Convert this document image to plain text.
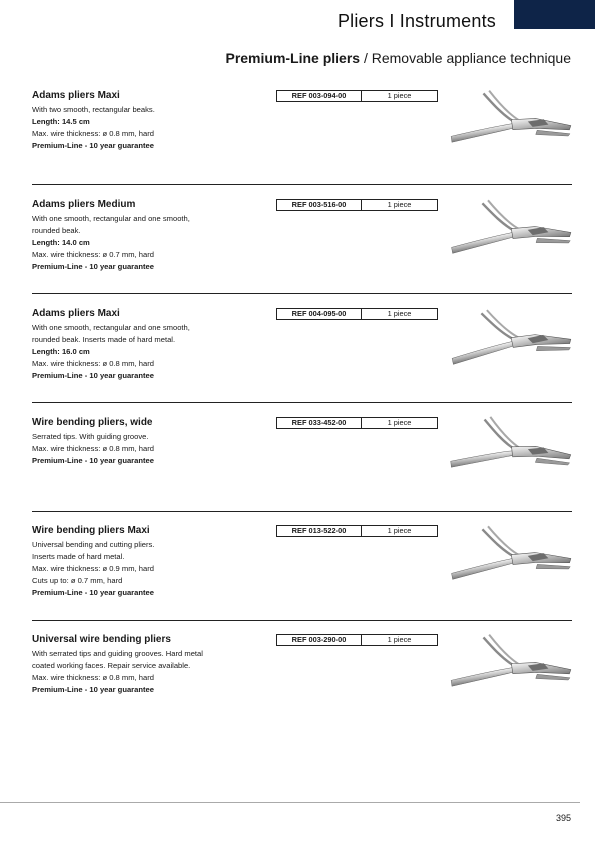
Pliers I Instruments
Premium-Line pliers / Removable appliance technique
Adams pliers Maxi
With two smooth, rectangular beaks.
Length: 14.5 cm
Max. wire thickness: ø 0.8 mm, hard
Premium-Line - 10 year guarantee
REF 003-094-00	1 piece
Adams pliers Medium
With one smooth, rectangular and one smooth,
rounded beak.
Length: 14.0 cm
Max. wire thickness: ø 0.7 mm, hard
Premium-Line - 10 year guarantee
REF 003-516-00	1 piece
Adams pliers Maxi
With one smooth, rectangular and one smooth,
rounded beak. Inserts made of hard metal.
Length: 16.0 cm
Max. wire thickness: ø 0.8 mm, hard
Premium-Line - 10 year guarantee
REF 004-095-00	1 piece
Wire bending pliers, wide
Serrated tips. With guiding groove.
Max. wire thickness: ø 0.8 mm, hard
Premium-Line - 10 year guarantee
REF 033-452-00	1 piece
Wire bending pliers Maxi
Universal bending and cutting pliers.
Inserts made of hard metal.
Max. wire thickness: ø 0.9 mm, hard
Cuts up to: ø 0.7 mm, hard
Premium-Line - 10 year guarantee
REF 013-522-00	1 piece
Universal wire bending pliers
With serrated tips and guiding grooves. Hard metal
coated working faces. Repair service available.
Max. wire thickness: ø 0.8 mm, hard
Premium-Line - 10 year guarantee
REF 003-290-00	1 piece
395
